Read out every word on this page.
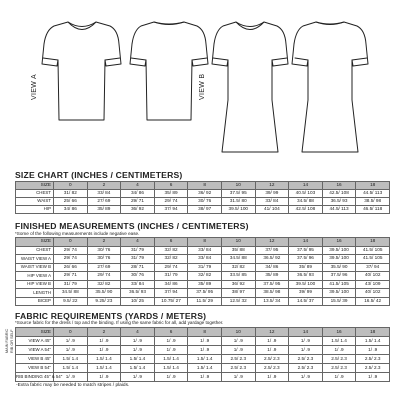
VIEW A	VIEW B
SIZE CHART (INCHES / CENTIMETERS)
SIZE	0	2	4	6	8	10	12	14	16	18
CHEST	31/ 82	33/ 84	34/ 86	35/ 89	36/ 92	37.5/ 95	39/ 99	40.5/ 103	42.5/ 108	44.5/ 113
WAIST	25/ 66	27/ 69	29/ 71	29/ 74	30/ 76	31.5/ 80	33/ 84	34.5/ 88	36.5/ 93	38.5/ 98
HIP	34/ 86	35/ 89	36/ 92	37/ 94	38/ 97	39.5/ 100	41/ 104	42.5/ 108	44.5/ 113	46.5/ 118
FINISHED MEASUREMENTS (INCHES / CENTIMETERS)
*Some of the following measurements include negative ease.
SIZE	0	2	4	6	8	10	12	14	16	18
CHEST	29/ 74	30/ 76	31/ 79	32/ 82	33/ 84	35/ 88	37/ 95	37.5/ 95	39.5/ 100	41.5/ 105
WAIST VIEW A	29/ 74	30/ 76	31/ 79	32/ 82	33/ 84	34.5/ 88	36.5/ 92	37.5/ 96	39.5/ 100	41.5/ 105
WAIST VIEW B	26/ 66	27/ 69	28/ 71	29/ 74	31/ 79	32/ 82	34/ 86	35/ 89	35.5/ 90	37/ 94
HIP VIEW A	29/ 71	29/ 74	30/ 76	31/ 79	32/ 82	33.5/ 85	35/ 89	36.5/ 93	37.5/ 96	40/ 102
HIP VIEW B	31/ 79	32/ 82	33/ 84	34/ 86	35/ 89	36/ 92	37.5/ 95	39.5/ 100	41.5/ 105	43/ 109
LENGTH	34.5/ 88	35.5/ 90	36.5/ 93	37/ 94	37.5/ 95	38/ 97	38.5/ 98	39/ 99	39.5/ 100	40/ 102
BICEP	9.5/ 22	9.25/ 23	10/ 25	10.75/ 27	11.5/ 29	12.5/ 32	13.5/ 34	14.5/ 37	15.5/ 39	16.5/ 42
FABRIC REQUIREMENTS (YARDS / METERS)
*Source fabric for the dress / top and the binding. If using the same fabric for all, add yardage together.
MAIN FABRIC RIB OR SELF	SIZE	0	2	4	6	8	10	12	14	16	18
VIEW A 45"	1/ .9	1/ .9	1/ .9	1/ .9	1/ .9	1/ .9	1/ .9	1/ .9	1.5/ 1.4	1.5/ 1.4
VIEW A 54"	1/ .9	1/ .9	1/ .9	1/ .9	1/ .9	1/ .9	1/ .9	1/ .9	1/ .9	1/ .9
VIEW B 45"	1.5/ 1.4	1.5/ 1.4	1.5/ 1.4	1.5/ 1.4	1.5/ 1.4	2.5/ 2.3	2.5/ 2.3	2.5/ 2.3	2.5/ 2.3	2.5/ 2.3
VIEW B 54"	1.5/ 1.4	1.5/ 1.4	1.5/ 1.4	1.5/ 1.4	1.5/ 1.4	2.5/ 2.3	2.5/ 2.3	2.5/ 2.3	2.5/ 2.3	2.5/ 2.3
RIB BINDING 45" & 54"	1/ .9	1/ .9	1/ .9	1/ .9	1/ .9	1/ .9	1/ .9	1/ .9	1/ .9	1/ .9
-Extra fabric may be needed to match stripes / plaids.
